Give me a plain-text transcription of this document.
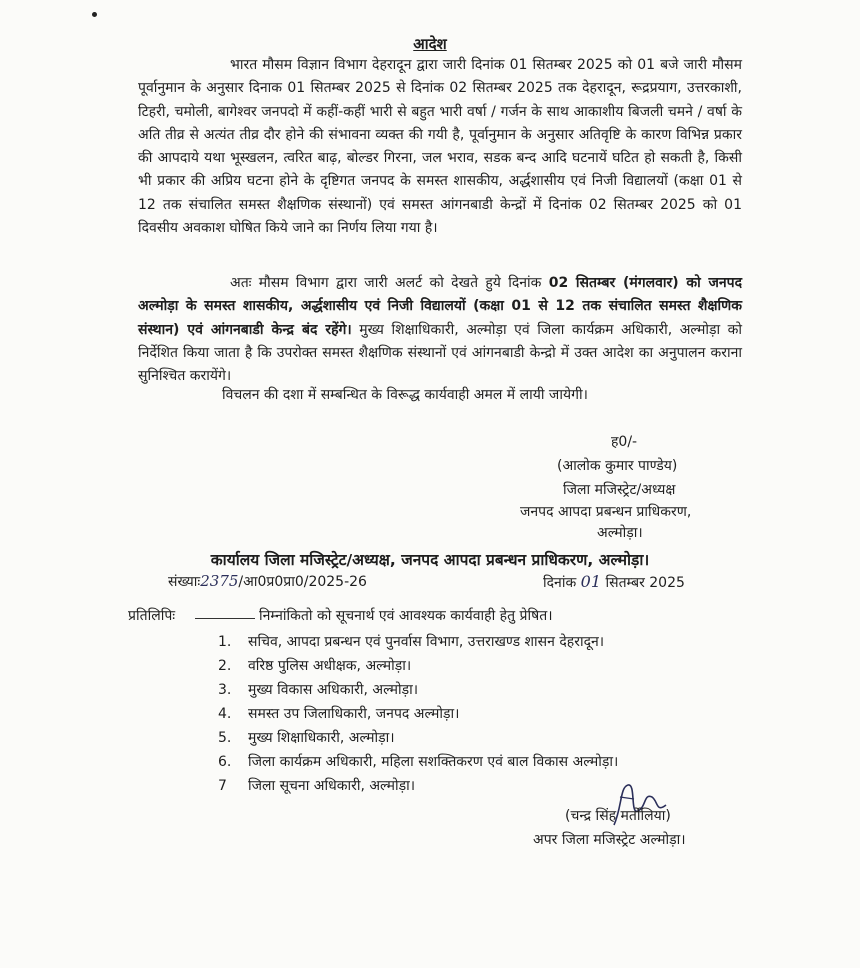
आदेश
भारत मौसम विज्ञान विभाग देहरादून द्वारा जारी दिनांक 01 सितम्बर 2025 को 01 बजे जारी मौसम पूर्वानुमान के अनुसार दिनाक 01 सितम्बर 2025 से दिनांक 02 सितम्बर 2025 तक देहरादून, रूद्रप्रयाग, उत्तरकाशी, टिहरी, चमोली, बागेश्वर जनपदो में कहीं-कहीं भारी से बहुत भारी वर्षा / गर्जन के साथ आकाशीय बिजली चमने / वर्षा के अति तीव्र से अत्यंत तीव्र दौर होने की संभावना व्यक्त की गयी है, पूर्वानुमान के अनुसार अतिवृष्टि के कारण विभिन्न प्रकार की आपदाये यथा भूस्खलन, त्वरित बाढ़, बोल्डर गिरना, जल भराव, सडक बन्द आदि घटनायें घटित हो सकती है, किसी भी प्रकार की अप्रिय घटना होने के दृष्टिगत जनपद के समस्त शासकीय, अर्द्धशासीय एवं निजी विद्यालयों (कक्षा 01 से 12 तक संचालित समस्त शैक्षणिक संस्थानों) एवं समस्त आंगनबाडी केन्द्रों में दिनांक 02 सितम्बर 2025 को 01 दिवसीय अवकाश घोषित किये जाने का निर्णय लिया गया है।
अतः मौसम विभाग द्वारा जारी अलर्ट को देखते हुये दिनांक 02 सितम्बर (मंगलवार) को जनपद अल्मोड़ा के समस्त शासकीय, अर्द्धशासीय एवं निजी विद्यालयों (कक्षा 01 से 12 तक संचालित समस्त शैक्षणिक संस्थान) एवं आंगनबाडी केन्द्र बंद रहेंगे। मुख्य शिक्षाधिकारी, अल्मोड़ा एवं जिला कार्यक्रम अधिकारी, अल्मोड़ा को निर्देशित किया जाता है कि उपरोक्त समस्त शैक्षणिक संस्थानों एवं आंगनबाडी केन्द्रो में उक्त आदेश का अनुपालन कराना सुनिश्चित करायेंगे।
विचलन की दशा में सम्बन्धित के विरूद्ध कार्यवाही अमल में लायी जायेगी।
ह0/-
(आलोक कुमार पाण्डेय)
जिला मजिस्ट्रेट/अध्यक्ष
जनपद आपदा प्रबन्धन प्राधिकरण,
अल्मोड़ा।
कार्यालय जिला मजिस्ट्रेट/अध्यक्ष, जनपद आपदा प्रबन्धन प्राधिकरण, अल्मोड़ा।
संख्याः2375/आ0प्र0प्रा0/2025-26	दिनांक 01 सितम्बर 2025
प्रतिलिपिः	निम्नांकितो को सूचनार्थ एवं आवश्यक कार्यवाही हेतु प्रेषित।
1. सचिव, आपदा प्रबन्धन एवं पुनर्वास विभाग, उत्तराखण्ड शासन देहरादून।
2. वरिष्ठ पुलिस अधीक्षक, अल्मोड़ा।
3. मुख्य विकास अधिकारी, अल्मोड़ा।
4. समस्त उप जिलाधिकारी, जनपद अल्मोड़ा।
5. मुख्य शिक्षाधिकारी, अल्मोड़ा।
6. जिला कार्यक्रम अधिकारी, महिला सशक्तिकरण एवं बाल विकास अल्मोड़ा।
7 जिला सूचना अधिकारी, अल्मोड़ा।
(चन्द्र सिंह मर्तोलिया)
अपर जिला मजिस्ट्रेट अल्मोड़ा।
